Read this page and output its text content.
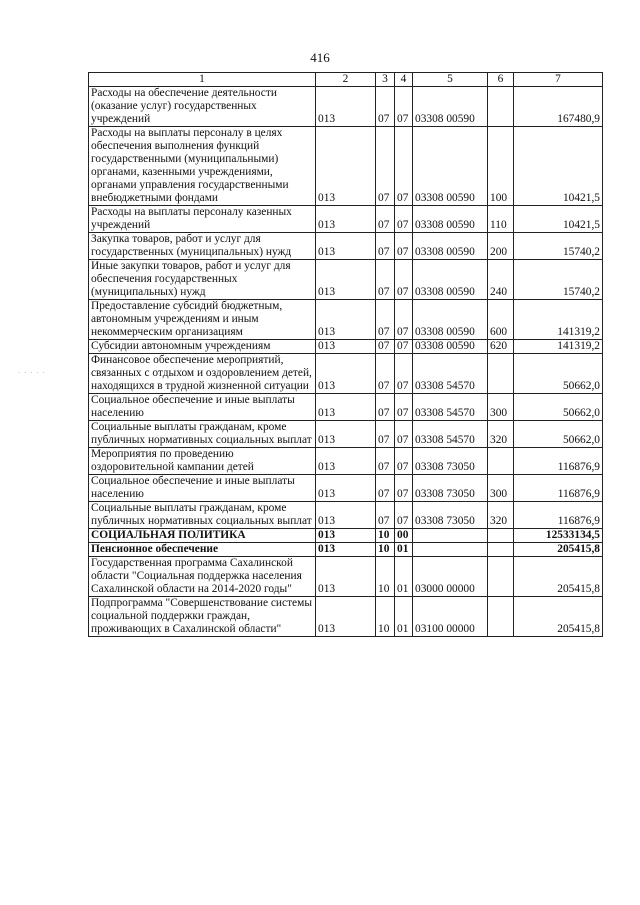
416
· · · · ·
1	2	3	4	5	6	7
Расходы на обеспечение деятельности (оказание услуг) государственных учреждений	013	07	07	03308 00590		167480,9
Расходы на выплаты персоналу в целях обеспечения выполнения функций государственными (муниципальными) органами, казенными учреждениями, органами управления государственными внебюджетными фондами	013	07	07	03308 00590	100	10421,5
Расходы на выплаты персоналу казенных учреждений	013	07	07	03308 00590	110	10421,5
Закупка товаров, работ и услуг для государственных (муниципальных) нужд	013	07	07	03308 00590	200	15740,2
Иные закупки товаров, работ и услуг для обеспечения государственных (муниципальных) нужд	013	07	07	03308 00590	240	15740,2
Предоставление субсидий бюджетным, автономным учреждениям и иным некоммерческим организациям	013	07	07	03308 00590	600	141319,2
Субсидии автономным учреждениям	013	07	07	03308 00590	620	141319,2
Финансовое обеспечение мероприятий, связанных с отдыхом и оздоровлением детей, находящихся в трудной жизненной ситуации	013	07	07	03308 54570		50662,0
Социальное обеспечение и иные выплаты населению	013	07	07	03308 54570	300	50662,0
Социальные выплаты гражданам, кроме публичных нормативных социальных выплат	013	07	07	03308 54570	320	50662,0
Мероприятия по проведению оздоровительной кампании детей	013	07	07	03308 73050		116876,9
Социальное обеспечение и иные выплаты населению	013	07	07	03308 73050	300	116876,9
Социальные выплаты гражданам, кроме публичных нормативных социальных выплат	013	07	07	03308 73050	320	116876,9
СОЦИАЛЬНАЯ ПОЛИТИКА	013	10	00			12533134,5
Пенсионное обеспечение	013	10	01			205415,8
Государственная программа Сахалинской области "Социальная поддержка населения Сахалинской области на 2014-2020 годы"	013	10	01	03000 00000		205415,8
Подпрограмма "Совершенствование системы социальной поддержки граждан, проживающих в Сахалинской области"	013	10	01	03100 00000		205415,8
